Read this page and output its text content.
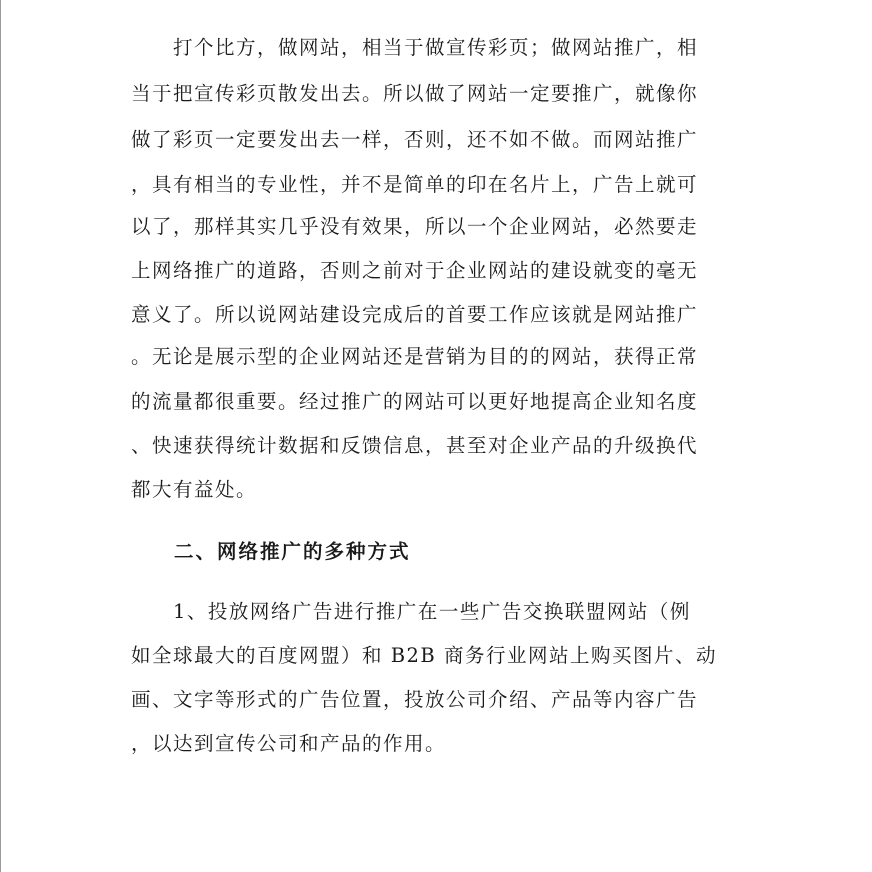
　　打个比方，做网站，相当于做宣传彩页；做网站推广，相
当于把宣传彩页散发出去。所以做了网站一定要推广，就像你
做了彩页一定要发出去一样，否则，还不如不做。而网站推广
，具有相当的专业性，并不是简单的印在名片上，广告上就可
以了，那样其实几乎没有效果，所以一个企业网站，必然要走
上网络推广的道路，否则之前对于企业网站的建设就变的毫无
意义了。所以说网站建设完成后的首要工作应该就是网站推广
。无论是展示型的企业网站还是营销为目的的网站，获得正常
的流量都很重要。经过推广的网站可以更好地提高企业知名度
、快速获得统计数据和反馈信息，甚至对企业产品的升级换代
都大有益处。
　　二、网络推广的多种方式
　　1、投放网络广告进行推广在一些广告交换联盟网站（例
如全球最大的百度网盟）和 B2B 商务行业网站上购买图片、动
画、文字等形式的广告位置，投放公司介绍、产品等内容广告
，以达到宣传公司和产品的作用。
